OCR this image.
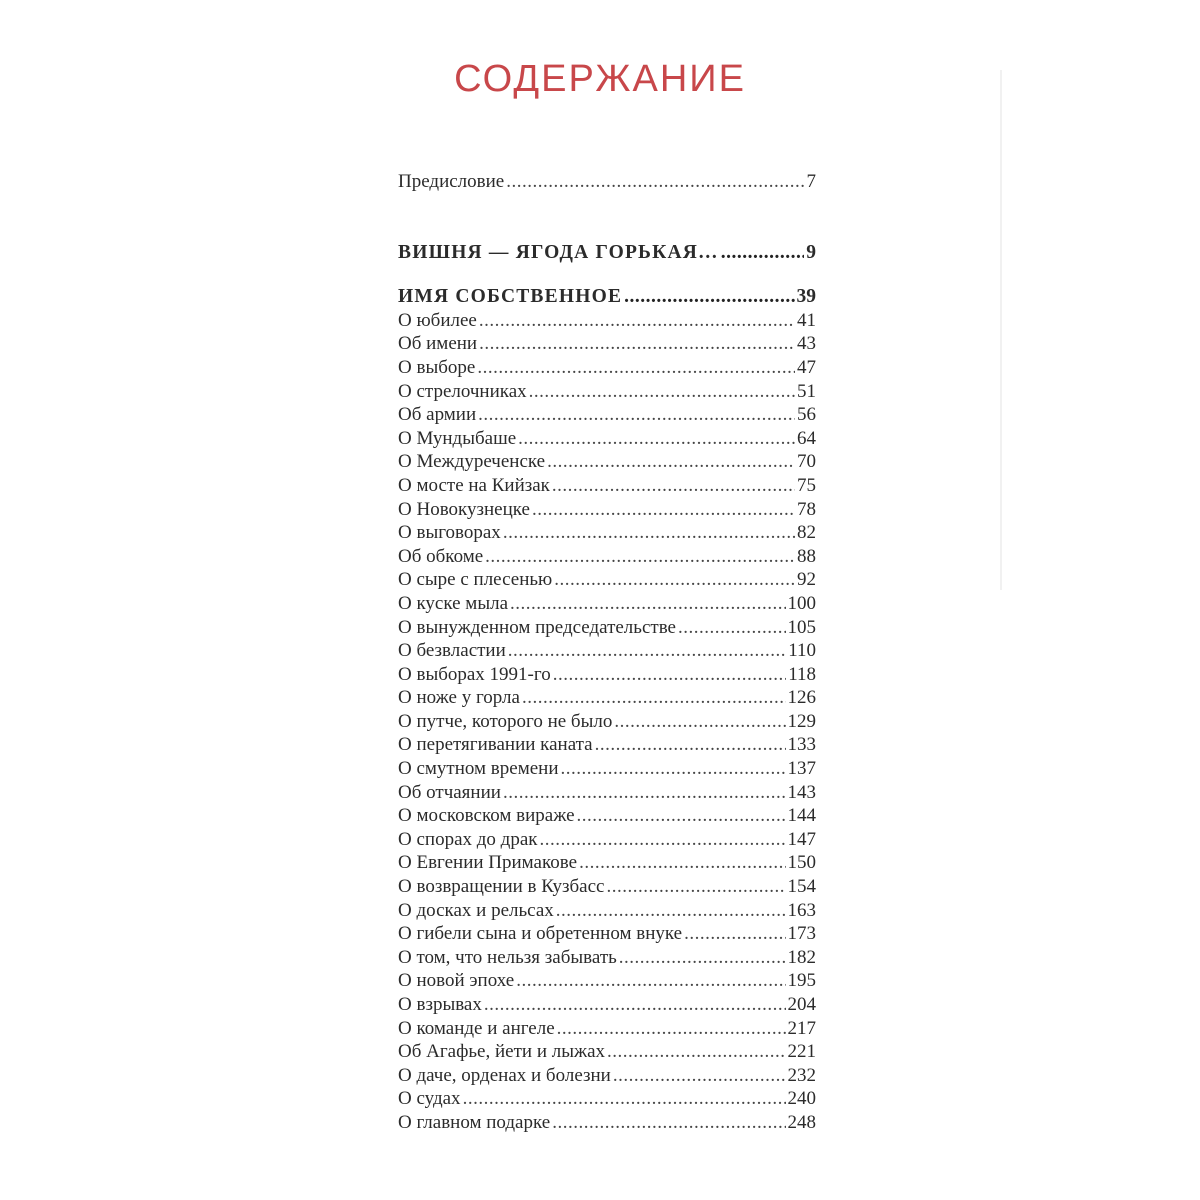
СОДЕРЖАНИЕ
Предисловие .....	7
ВИШНЯ — ЯГОДА ГОРЬКАЯ… .....	9
ИМЯ СОБСТВЕННОЕ .....	39
О юбилее .....	41
Об имени .....	43
О выборе .....	47
О стрелочниках .....	51
Об армии .....	56
О Мундыбаше .....	64
О Междуреченске .....	70
О мосте на Кийзак .....	75
О Новокузнецке .....	78
О выговорах .....	82
Об обкоме .....	88
О сыре с плесенью .....	92
О куске мыла .....	100
О вынужденном председательстве .....	105
О безвластии .....	110
О выборах 1991-го .....	118
О ноже у горла .....	126
О путче, которого не было .....	129
О перетягивании каната .....	133
О смутном времени .....	137
Об отчаянии .....	143
О московском вираже .....	144
О спорах до драк .....	147
О Евгении Примакове .....	150
О возвращении в Кузбасс .....	154
О досках и рельсах .....	163
О гибели сына и обретенном внуке .....	173
О том, что нельзя забывать .....	182
О новой эпохе .....	195
О взрывах .....	204
О команде и ангеле .....	217
Об Агафье, йети и лыжах .....	221
О даче, орденах и болезни .....	232
О судах .....	240
О главном подарке .....	248
